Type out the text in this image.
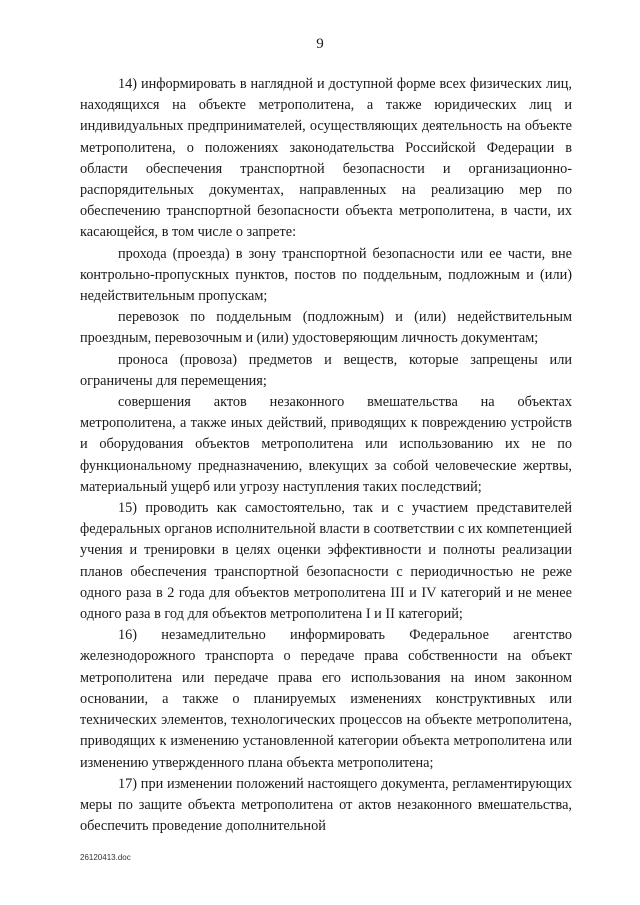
9

14) информировать в наглядной и доступной форме всех физических лиц, находящихся на объекте метрополитена, а также юридических лиц и индивидуальных предпринимателей, осуществляющих деятельность на объекте метрополитена, о положениях законодательства Российской Федерации в области обеспечения транспортной безопасности и организационно-распорядительных документах, направленных на реализацию мер по обеспечению транспортной безопасности объекта метрополитена, в части, их касающейся, в том числе о запрете:

прохода (проезда) в зону транспортной безопасности или ее части, вне контрольно-пропускных пунктов, постов по поддельным, подложным и (или) недействительным пропускам;

перевозок по поддельным (подложным) и (или) недействительным проездным, перевозочным и (или) удостоверяющим личность документам;

проноса (провоза) предметов и веществ, которые запрещены или ограничены для перемещения;

совершения актов незаконного вмешательства на объектах метрополитена, а также иных действий, приводящих к повреждению устройств и оборудования объектов метрополитена или использованию их не по функциональному предназначению, влекущих за собой человеческие жертвы, материальный ущерб или угрозу наступления таких последствий;

15) проводить как самостоятельно, так и с участием представителей федеральных органов исполнительной власти в соответствии с их компетенцией учения и тренировки в целях оценки эффективности и полноты реализации планов обеспечения транспортной безопасности с периодичностью не реже одного раза в 2 года для объектов метрополитена III и IV категорий и не менее одного раза в год для объектов метрополитена I и II категорий;

16) незамедлительно информировать Федеральное агентство железнодорожного транспорта о передаче права собственности на объект метрополитена или передаче права его использования на ином законном основании, а также о планируемых изменениях конструктивных или технических элементов, технологических процессов на объекте метрополитена, приводящих к изменению установленной категории объекта метрополитена или изменению утвержденного плана объекта метрополитена;

17) при изменении положений настоящего документа, регламентирующих меры по защите объекта метрополитена от актов незаконного вмешательства, обеспечить проведение дополнительной

26120413.doc
